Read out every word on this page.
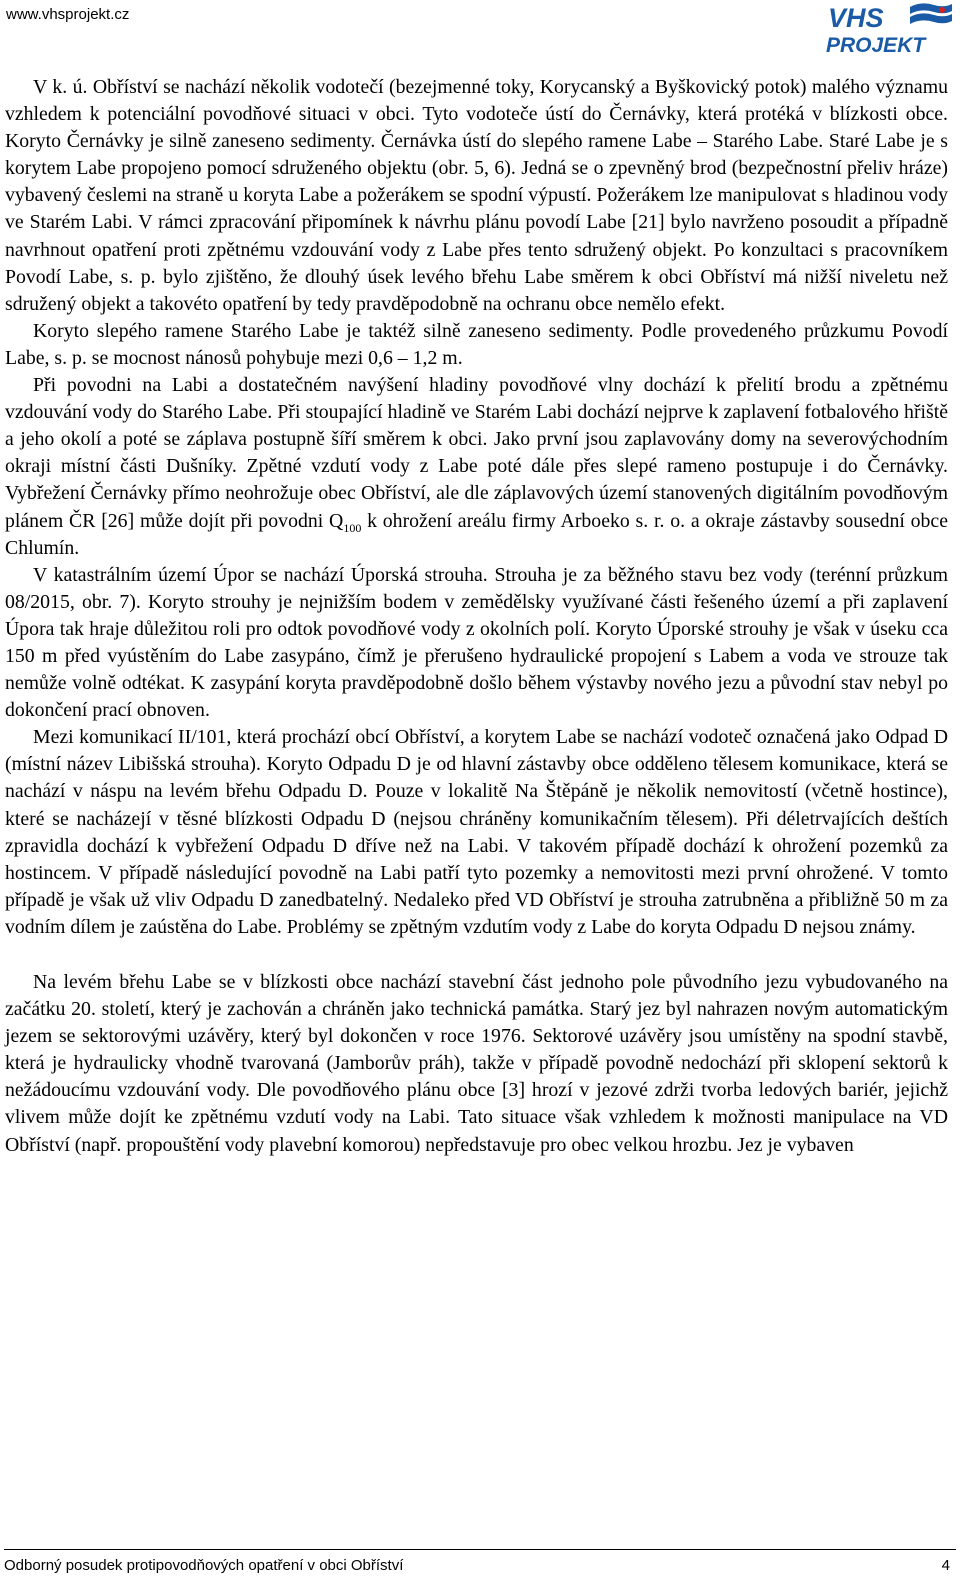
www.vhsprojekt.cz	VHS
PROJEKT

V k. ú. Obříství se nachází několik vodotečí (bezejmenné toky, Korycanský a Byškovický potok) malého významu vzhledem k potenciální povodňové situaci v obci. Tyto vodoteče ústí do Černávky, která protéká v blízkosti obce. Koryto Černávky je silně zaneseno sedimenty. Černávka ústí do slepého ramene Labe – Starého Labe. Staré Labe je s korytem Labe propojeno pomocí sdruženého objektu (obr. 5, 6). Jedná se o zpevněný brod (bezpečnostní přeliv hráze) vybavený česlemi na straně u koryta Labe a požerákem se spodní výpustí. Požerákem lze manipulovat s hladinou vody ve Starém Labi. V rámci zpracování připomínek k návrhu plánu povodí Labe [21] bylo navrženo posoudit a případně navrhnout opatření proti zpětnému vzdouvání vody z Labe přes tento sdružený objekt. Po konzultaci s pracovníkem Povodí Labe, s. p. bylo zjištěno, že dlouhý úsek levého břehu Labe směrem k obci Obříství má nižší niveletu než sdružený objekt a takovéto opatření by tedy pravděpodobně na ochranu obce nemělo efekt.

Koryto slepého ramene Starého Labe je taktéž silně zaneseno sedimenty. Podle provedeného průzkumu Povodí Labe, s. p. se mocnost nánosů pohybuje mezi 0,6 – 1,2 m.

Při povodni na Labi a dostatečném navýšení hladiny povodňové vlny dochází k přelití brodu a zpětnému vzdouvání vody do Starého Labe. Při stoupající hladině ve Starém Labi dochází nejprve k zaplavení fotbalového hřiště a jeho okolí a poté se záplava postupně šíří směrem k obci. Jako první jsou zaplavovány domy na severovýchodním okraji místní části Dušníky. Zpětné vzdutí vody z Labe poté dále přes slepé rameno postupuje i do Černávky. Vybřežení Černávky přímo neohrožuje obec Obříství, ale dle záplavových území stanovených digitálním povodňovým plánem ČR [26] může dojít při povodni $Q_{100}$ k ohrožení areálu firmy Arboeko s. r. o. a okraje zástavby sousední obce Chlumín.

V katastrálním území Úpor se nachází Úporská strouha. Strouha je za běžného stavu bez vody (terénní průzkum 08/2015, obr. 7). Koryto strouhy je nejnižším bodem v zemědělsky využívané části řešeného území a při zaplavení Úpora tak hraje důležitou roli pro odtok povodňové vody z okolních polí. Koryto Úporské strouhy je však v úseku cca 150 m před vyústěním do Labe zasypáno, čímž je přerušeno hydraulické propojení s Labem a voda ve strouze tak nemůže volně odtékat. K zasypání koryta pravděpodobně došlo během výstavby nového jezu a původní stav nebyl po dokončení prací obnoven.

Mezi komunikací II/101, která prochází obcí Obříství, a korytem Labe se nachází vodoteč označená jako Odpad D (místní název Libišská strouha). Koryto Odpadu D je od hlavní zástavby obce odděleno tělesem komunikace, která se nachází v náspu na levém břehu Odpadu D. Pouze v lokalitě Na Štěpáně je několik nemovitostí (včetně hostince), které se nacházejí v těsné blízkosti Odpadu D (nejsou chráněny komunikačním tělesem). Při déletrvajících deštích zpravidla dochází k vybřežení Odpadu D dříve než na Labi. V takovém případě dochází k ohrožení pozemků za hostincem. V případě následující povodně na Labi patří tyto pozemky a nemovitosti mezi první ohrožené. V tomto případě je však už vliv Odpadu D zanedbatelný. Nedaleko před VD Obříství je strouha zatrubněna a přibližně 50 m za vodním dílem je zaústěna do Labe. Problémy se zpětným vzdutím vody z Labe do koryta Odpadu D nejsou známy.

Na levém břehu Labe se v blízkosti obce nachází stavební část jednoho pole původního jezu vybudovaného na začátku 20. století, který je zachován a chráněn jako technická památka. Starý jez byl nahrazen novým automatickým jezem se sektorovými uzávěry, který byl dokončen v roce 1976. Sektorové uzávěry jsou umístěny na spodní stavbě, která je hydraulicky vhodně tvarovaná (Jamborův práh), takže v případě povodně nedochází při sklopení sektorů k nežádoucímu vzdouvání vody. Dle povodňového plánu obce [3] hrozí v jezové zdrži tvorba ledových bariér, jejichž vlivem může dojít ke zpětnému vzdutí vody na Labi. Tato situace však vzhledem k možnosti manipulace na VD Obříství (např. propouštění vody plavební komorou) nepředstavuje pro obec velkou hrozbu. Jez je vybaven

Odborný posudek protipovodňových opatření v obci Obříství	4
